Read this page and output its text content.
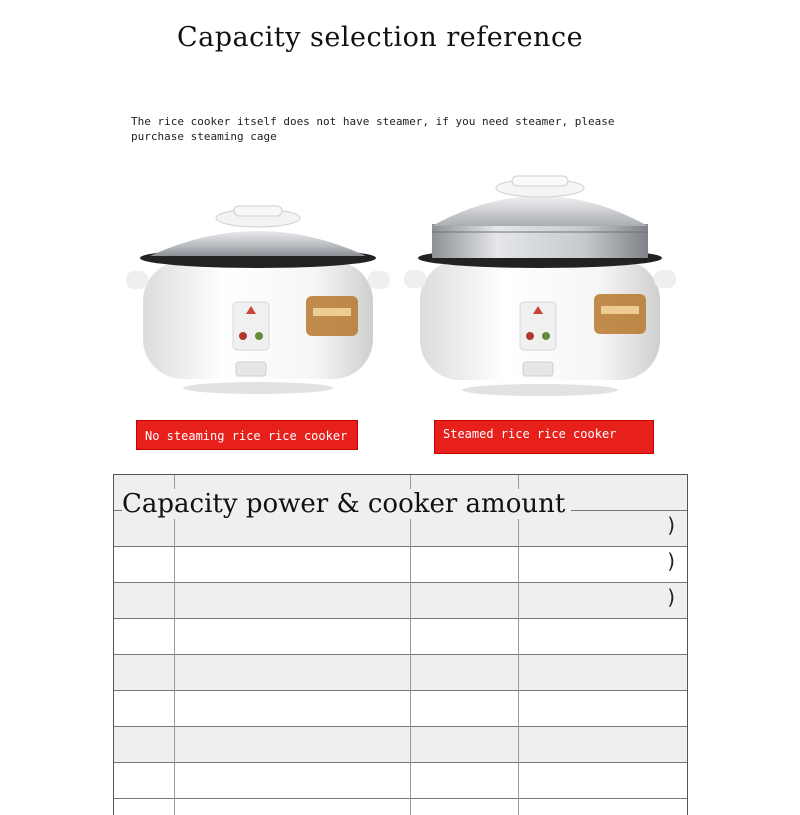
Capacity selection reference
The rice cooker itself does not have steamer, if you need steamer, please purchase steaming cage
No steaming rice rice cooker	Steamed rice rice cooker
Capacity power & cooker amount
)
)
)
